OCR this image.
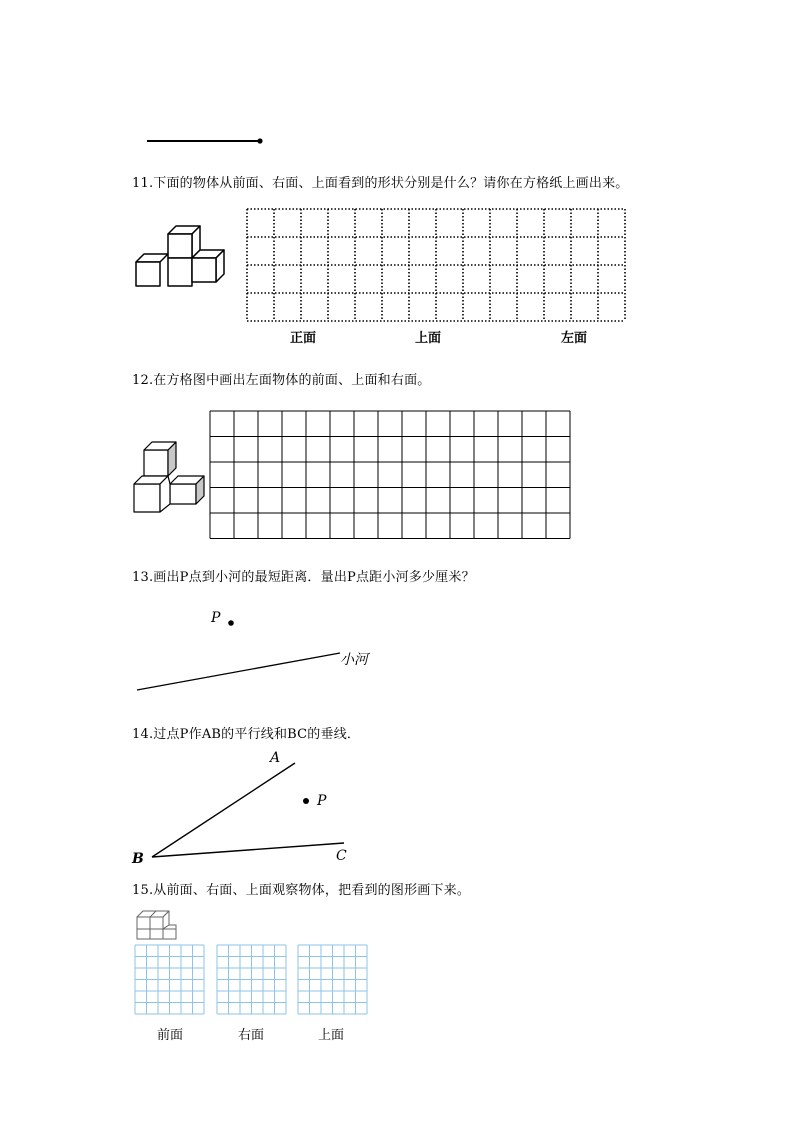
11.下面的物体从前面、右面、上面看到的形状分别是什么？请你在方格纸上画出来。
正面	上面	左面
12.在方格图中画出左面物体的前面、上面和右面。
13.画出P点到小河的最短距离．量出P点距小河多少厘米？
P
小河
14.过点P作AB的平行线和BC的垂线．
A
B	C
P
15.从前面、右面、上面观察物体，把看到的图形画下来。
前面	右面	上面
